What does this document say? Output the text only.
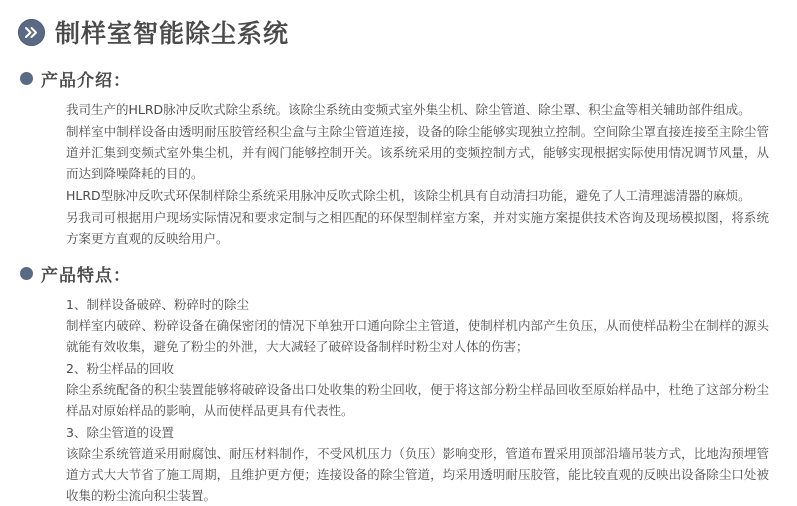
制样室智能除尘系统
产品介绍：

我司生产的HLRD脉冲反吹式除尘系统。该除尘系统由变频式室外集尘机、除尘管道、除尘罩、积尘盒等相关辅助部件组成。

制样室中制样设备由透明耐压胶管经积尘盒与主除尘管道连接，设备的除尘能够实现独立控制。空间除尘罩直接连接至主除尘管道并汇集到变频式室外集尘机，并有阀门能够控制开关。该系统采用的变频控制方式，能够实现根据实际使用情况调节风量，从而达到降噪降耗的目的。

HLRD型脉冲反吹式环保制样除尘系统采用脉冲反吹式除尘机，该除尘机具有自动清扫功能，避免了人工清理滤清器的麻烦。

另我司可根据用户现场实际情况和要求定制与之相匹配的环保型制样室方案，并对实施方案提供技术咨询及现场模拟图，将系统方案更方直观的反映给用户。

产品特点：

1、制样设备破碎、粉碎时的除尘

制样室内破碎、粉碎设备在确保密闭的情况下单独开口通向除尘主管道，使制样机内部产生负压，从而使样品粉尘在制样的源头就能有效收集，避免了粉尘的外泄，大大减轻了破碎设备制样时粉尘对人体的伤害；

2、粉尘样品的回收

除尘系统配备的积尘装置能够将破碎设备出口处收集的粉尘回收，便于将这部分粉尘样品回收至原始样品中，杜绝了这部分粉尘样品对原始样品的影响，从而使样品更具有代表性。

3、除尘管道的设置

该除尘系统管道采用耐腐蚀、耐压材料制作，不受风机压力（负压）影响变形，管道布置采用顶部沿墙吊装方式，比地沟预埋管道方式大大节省了施工周期，且维护更方便；连接设备的除尘管道，均采用透明耐压胶管，能比较直观的反映出设备除尘口处被收集的粉尘流向积尘装置。
